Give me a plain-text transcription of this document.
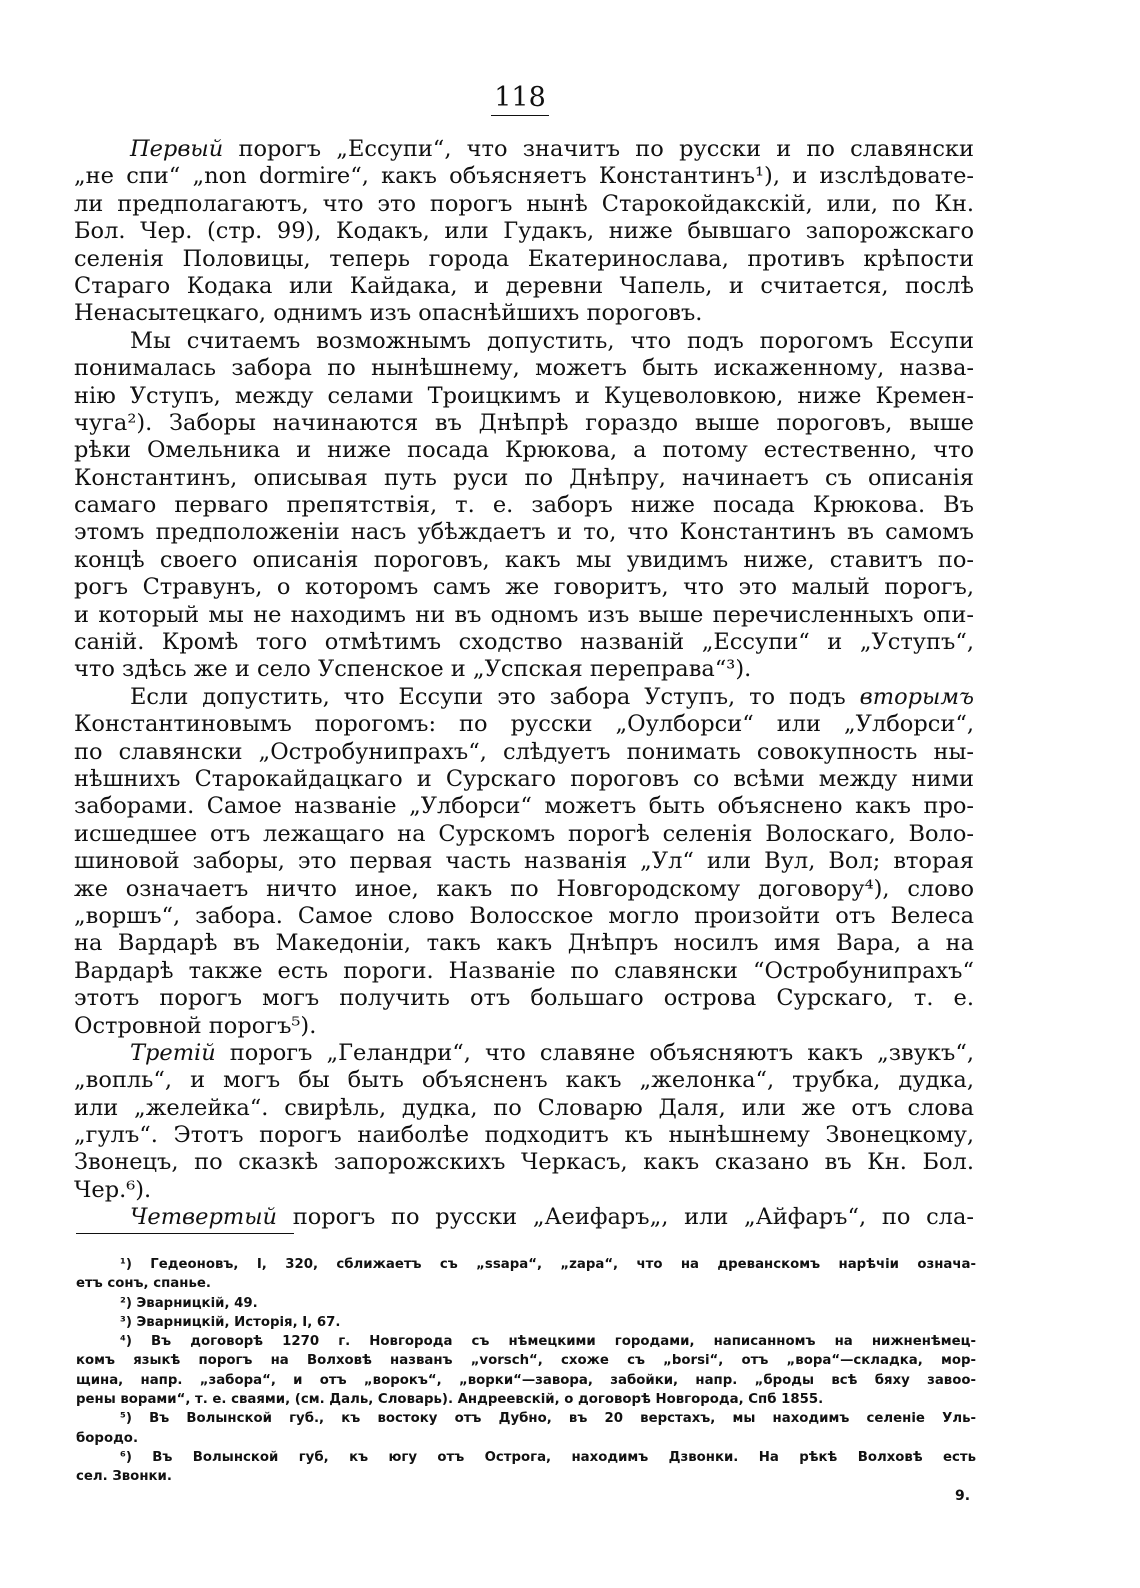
118

Первый порогъ „Ессупи“, что значитъ по русски и по славянски
„не спи“ „non dormire“, какъ объясняетъ Константинъ¹), и изслѣдовате-
ли предполагаютъ, что это порогъ нынѣ Старокойдакскій, или, по Кн.
Бол. Чер. (стр. 99), Кодакъ, или Гудакъ, ниже бывшаго запорожскаго
селенія Половицы, теперь города Екатеринослава, противъ крѣпости
Стараго Кодака или Кайдака, и деревни Чапель, и считается, послѣ
Ненасытецкаго, однимъ изъ опаснѣйшихъ пороговъ.

Мы считаемъ возможнымъ допустить, что подъ порогомъ Ессупи
понималась забора по нынѣшнему, можетъ быть искаженному, назва-
нію Уступъ, между селами Троицкимъ и Куцеволовкою, ниже Кремен-
чуга²). Заборы начинаются въ Днѣпрѣ гораздо выше пороговъ, выше
рѣки Омельника и ниже посада Крюкова, а потому естественно, что
Константинъ, описывая путь руси по Днѣпру, начинаетъ съ описанія
самаго перваго препятствія, т. е. заборъ ниже посада Крюкова. Въ
этомъ предположеніи насъ убѣждаетъ и то, что Константинъ въ самомъ
концѣ своего описанія пороговъ, какъ мы увидимъ ниже, ставитъ по-
рогъ Стравунъ, о которомъ самъ же говоритъ, что это малый порогъ,
и который мы не находимъ ни въ одномъ изъ выше перечисленныхъ опи-
саній. Кромѣ того отмѣтимъ сходство названій „Ессупи“ и „Уступъ“,
что здѣсь же и село Успенское и „Успская переправа“³).

Если допустить, что Ессупи это забора Уступъ, то подъ вторымъ
Константиновымъ порогомъ: по русски „Оулборси“ или „Улборси“,
по славянски „Остробунипрахъ“, слѣдуетъ понимать совокупность ны-
нѣшнихъ Старокайдацкаго и Сурскаго пороговъ со всѣми между ними
заборами. Самое названіе „Улборси“ можетъ быть объяснено какъ про-
исшедшее отъ лежащаго на Сурскомъ порогѣ селенія Волоскаго, Воло-
шиновой заборы, это первая часть названія „Ул“ или Вул, Вол; вторая
же означаетъ ничто иное, какъ по Новгородскому договору⁴), слово
„воршъ“, забора. Самое слово Волосское могло произойти отъ Велеса
на Вардарѣ въ Македоніи, такъ какъ Днѣпръ носилъ имя Вара, а на
Вардарѣ также есть пороги. Названіе по славянски “Остробунипрахъ“
этотъ порогъ могъ получить отъ большаго острова Сурскаго, т. е.
Островной порогъ⁵).

Третій порогъ „Геландри“, что славяне объясняютъ какъ „звукъ“,
„вопль“, и могъ бы быть объясненъ какъ „желонка“, трубка, дудка,
или „желейка“. свирѣль, дудка, по Словарю Даля, или же отъ слова
„гулъ“. Этотъ порогъ наиболѣе подходитъ къ нынѣшнему Звонецкому,
Звонецъ, по сказкѣ запорожскихъ Черкасъ, какъ сказано въ Кн. Бол.
Чер.⁶).

Четвертый порогъ по русски „Аеифаръ„, или „Айфаръ“, по сла-

¹) Гедеоновъ, I, 320, сближаетъ съ „ssapa“, „zapa“, что на древанскомъ нарѣчіи означа-
етъ сонъ, спанье.
²) Эварницкій, 49.
³) Эварницкій, Исторія, I, 67.
⁴) Въ договорѣ 1270 г. Новгорода съ нѣмецкими городами, написанномъ на нижненѣмец-
комъ языкѣ порогъ на Волховѣ названъ „vorsch“, схоже съ „borsi“, отъ „вора“—складка, мор-
щина, напр. „забора“, и отъ „ворокъ“, „ворки“—заворa, забойки, напр. „броды всѣ бяху завоо-
рены ворами“, т. е. сваями, (см. Даль, Словарь). Андреевскій, о договорѣ Новгорода, Спб 1855.
⁵) Въ Волынской губ., къ востоку отъ Дубно, въ 20 верстахъ, мы находимъ селеніе Уль-
бородо.
⁶) Въ Волынской губ, къ югу отъ Острога, находимъ Дзвонки. На рѣкѣ Волховѣ есть
сел. Звонки.
9.
